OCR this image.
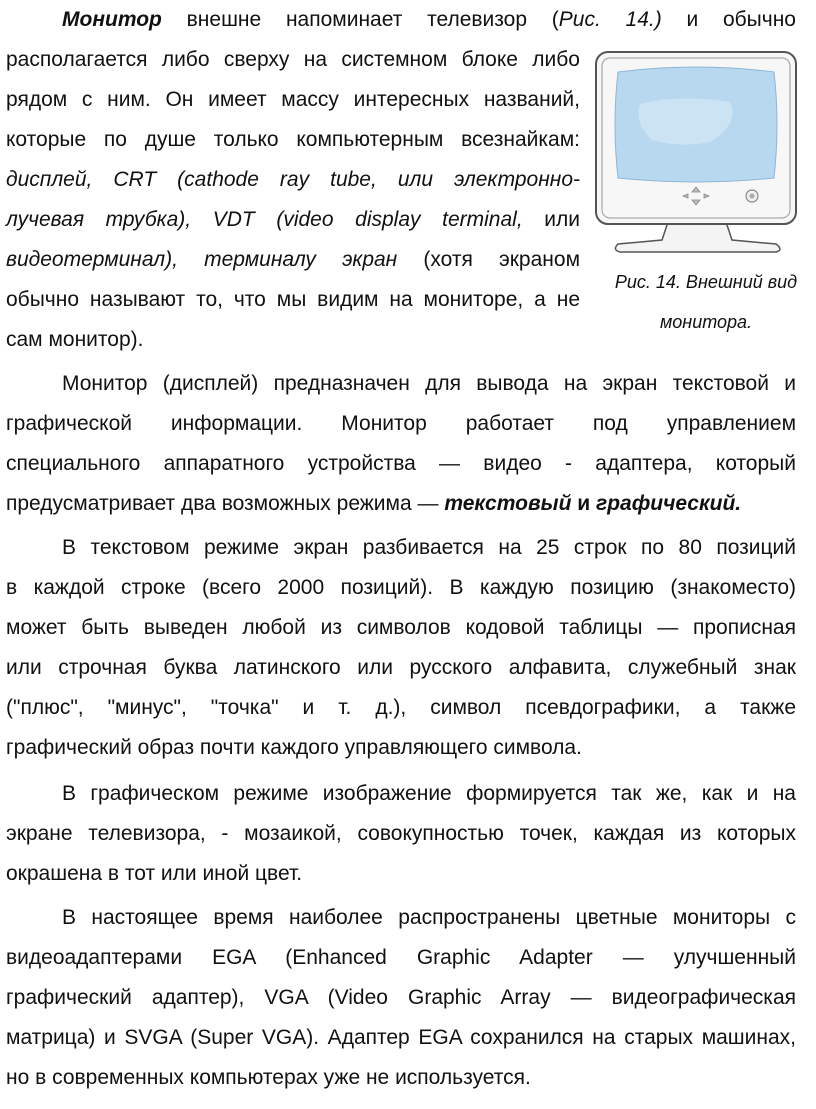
Монитор внешне напоминает телевизор (Рис. 14.) и обычно
располагается либо сверху на системном блоке либо
рядом с ним. Он имеет массу интересных названий,
которые по душе только компьютерным всезнайкам:
дисплей, CRT (cathode ray tube, или электронно-
лучевая трубка), VDT (video display terminal, или
видеотерминал), терминалу экран (хотя экраном
обычно называют то, что мы видим на мониторе, а не
сам монитор).
Рис. 14. Внешний вид
монитора.
Монитор (дисплей) предназначен для вывода на экран текстовой и
графической информации. Монитор работает под управлением
специального аппаратного устройства — видео - адаптера, который
предусматривает два возможных режима — текстовый и графический.
В текстовом режиме экран разбивается на 25 строк по 80 позиций
в каждой строке (всего 2000 позиций). В каждую позицию (знакоместо)
может быть выведен любой из символов кодовой таблицы — прописная
или строчная буква латинского или русского алфавита, служебный знак
("плюс", "минус", "точка" и т. д.), символ псевдографики, а также
графический образ почти каждого управляющего символа.
В графическом режиме изображение формируется так же, как и на
экране телевизора, - мозаикой, совокупностью точек, каждая из которых
окрашена в тот или иной цвет.
В настоящее время наиболее распространены цветные мониторы с
видеоадаптерами EGA (Enhanced Graphic Adapter — улучшенный
графический адаптер), VGA (Video Graphic Array — видеографическая
матрица) и SVGA (Super VGA). Адаптер EGA сохранился на старых машинах,
но в современных компьютерах уже не используется.
